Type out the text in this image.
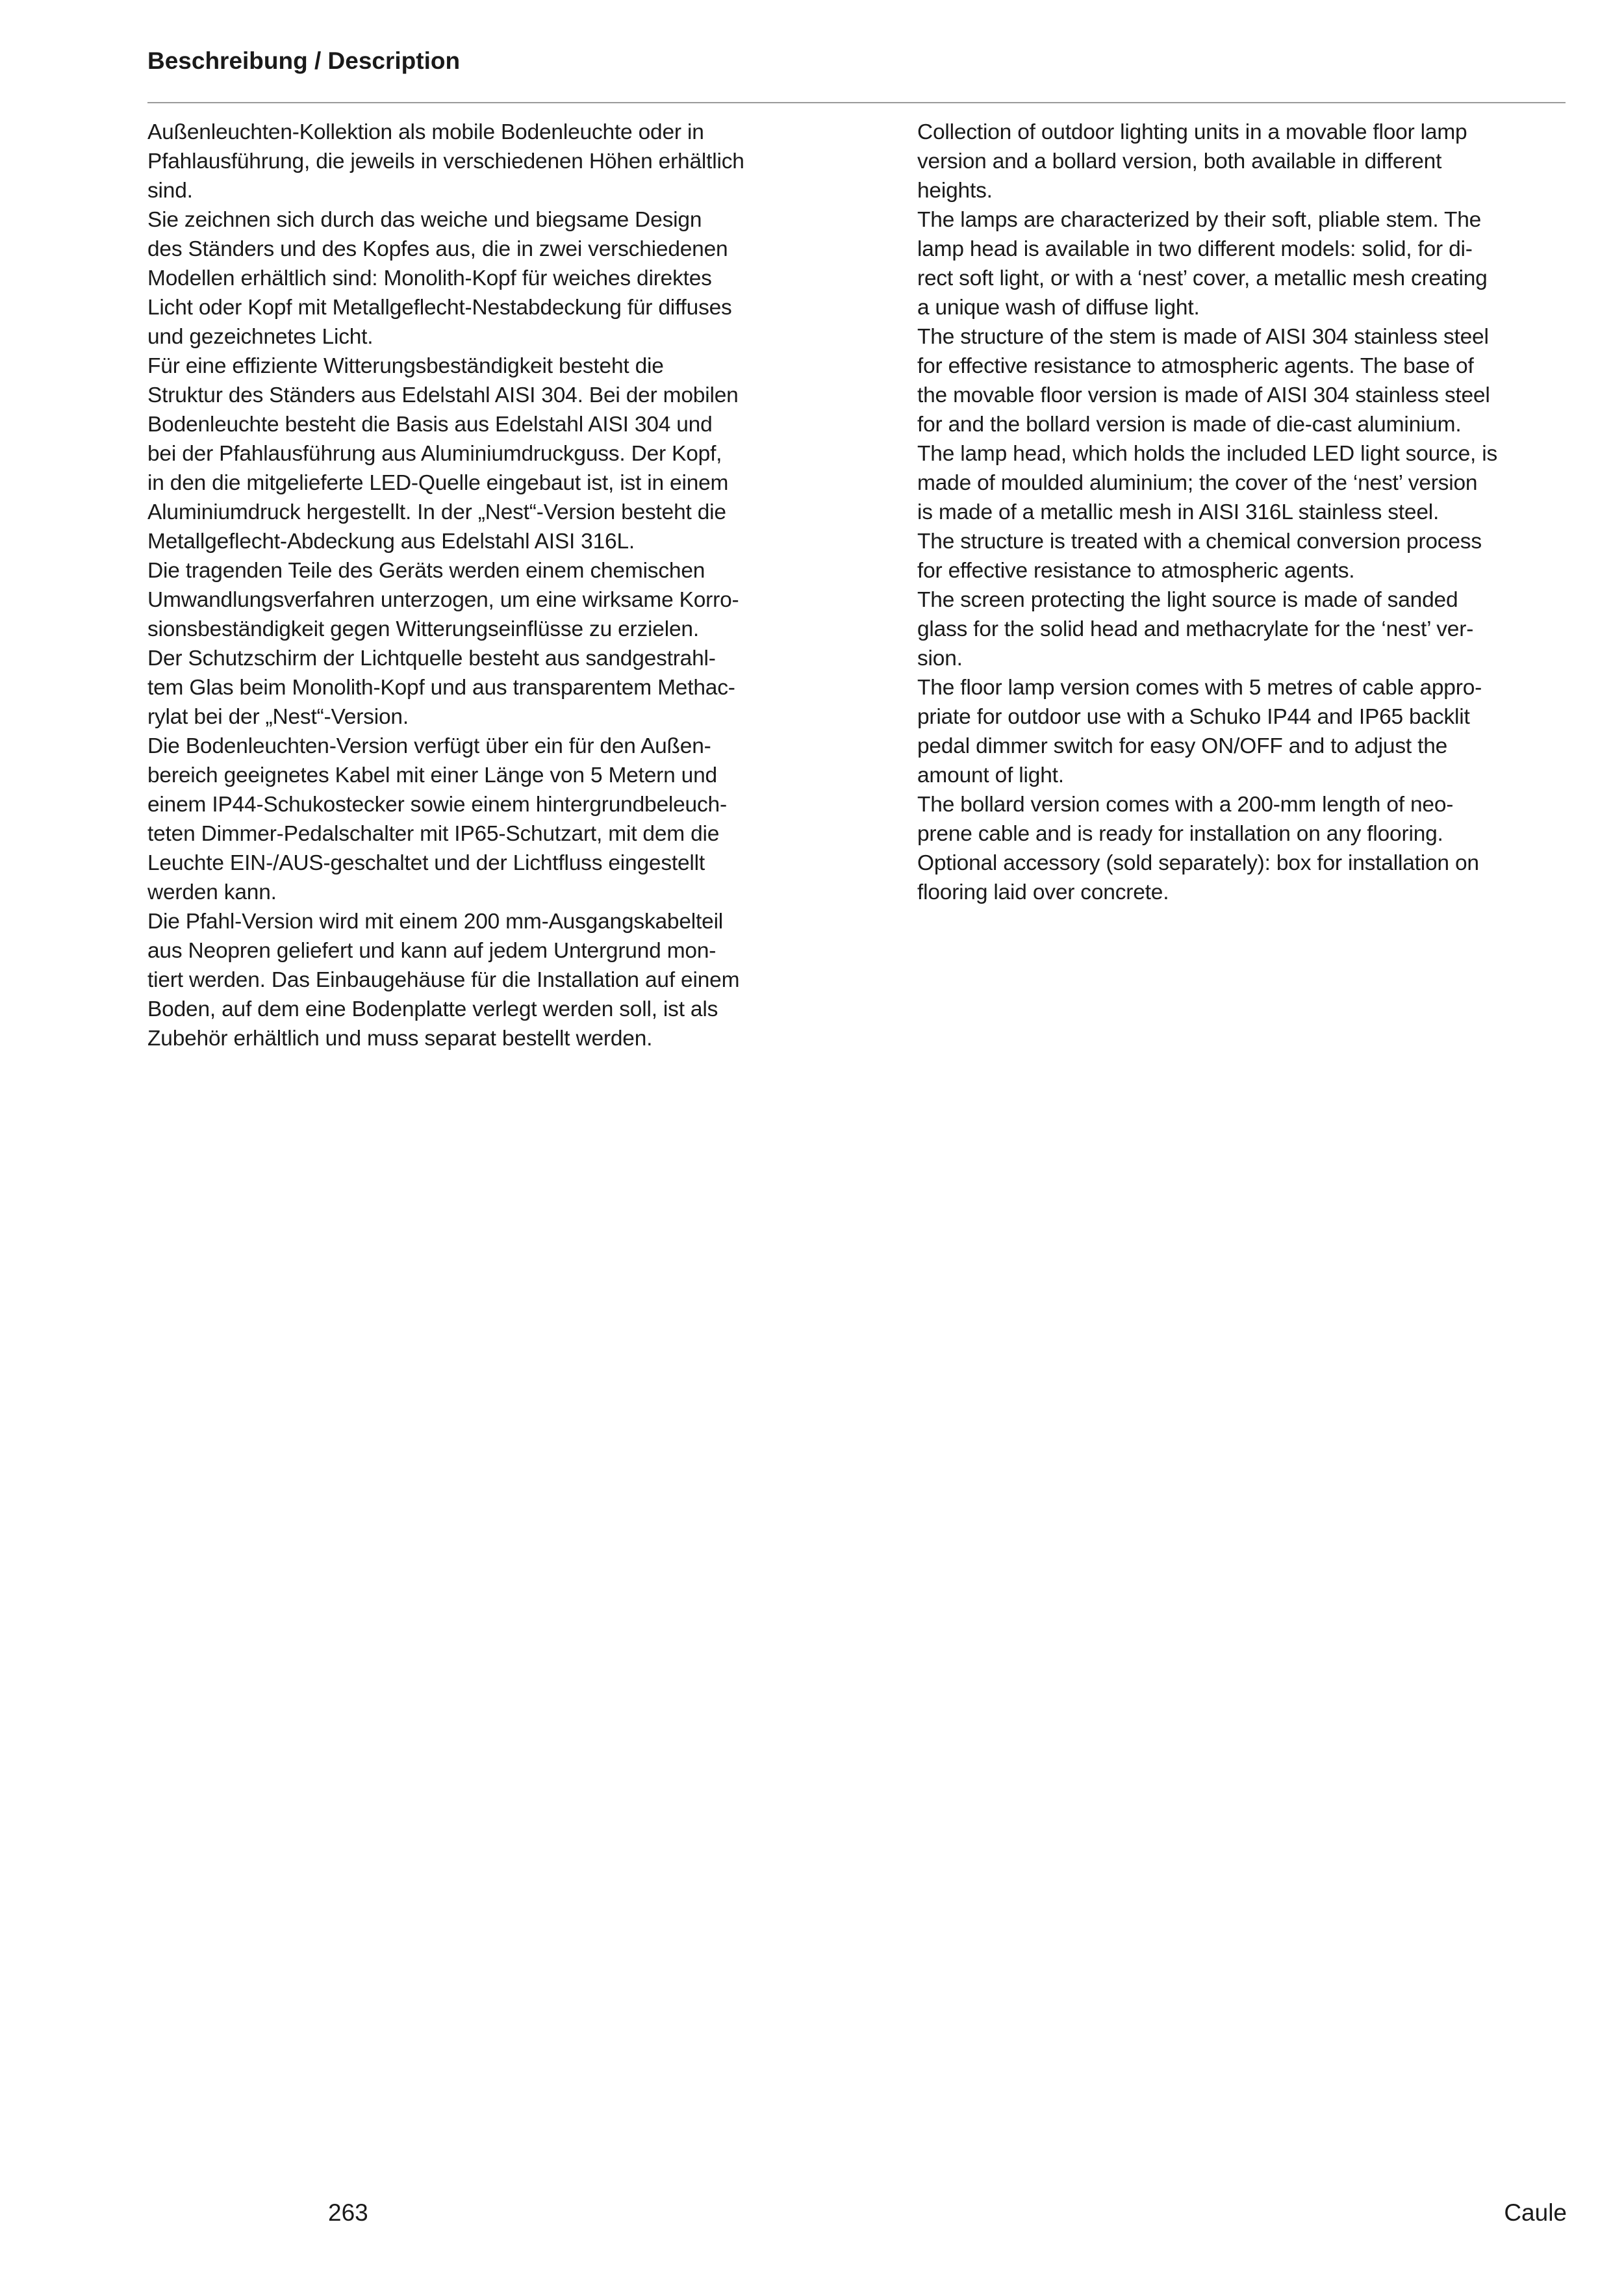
Beschreibung / Description

Außenleuchten-Kollektion als mobile Bodenleuchte oder in
Pfahlausführung, die jeweils in verschiedenen Höhen erhältlich
sind.

Sie zeichnen sich durch das weiche und biegsame Design
des Ständers und des Kopfes aus, die in zwei verschiedenen
Modellen erhältlich sind: Monolith-Kopf für weiches direktes
Licht oder Kopf mit Metallgeflecht-Nestabdeckung für diffuses
und gezeichnetes Licht.

Für eine effiziente Witterungsbeständigkeit besteht die
Struktur des Ständers aus Edelstahl AISI 304. Bei der mobilen
Bodenleuchte besteht die Basis aus Edelstahl AISI 304 und
bei der Pfahlausführung aus Aluminiumdruckguss. Der Kopf,
in den die mitgelieferte LED-Quelle eingebaut ist, ist in einem
Aluminiumdruck hergestellt. In der „Nest“-Version besteht die
Metallgeflecht-Abdeckung aus Edelstahl AISI 316L.

Die tragenden Teile des Geräts werden einem chemischen
Umwandlungsverfahren unterzogen, um eine wirksame Korro-
sionsbeständigkeit gegen Witterungseinflüsse zu erzielen.

Der Schutzschirm der Lichtquelle besteht aus sandgestrahl-
tem Glas beim Monolith-Kopf und aus transparentem Methac-
rylat bei der „Nest“-Version.

Die Bodenleuchten-Version verfügt über ein für den Außen-
bereich geeignetes Kabel mit einer Länge von 5 Metern und
einem IP44-Schukostecker sowie einem hintergrundbeleuch-
teten Dimmer-Pedalschalter mit IP65-Schutzart, mit dem die
Leuchte EIN-/AUS-geschaltet und der Lichtfluss eingestellt
werden kann.

Die Pfahl-Version wird mit einem 200 mm-Ausgangskabelteil
aus Neopren geliefert und kann auf jedem Untergrund mon-
tiert werden. Das Einbaugehäuse für die Installation auf einem
Boden, auf dem eine Bodenplatte verlegt werden soll, ist als
Zubehör erhältlich und muss separat bestellt werden.

Collection of outdoor lighting units in a movable floor lamp
version and a bollard version, both available in different
heights.

The lamps are characterized by their soft, pliable stem. The
lamp head is available in two different models: solid, for di-
rect soft light, or with a ‘nest’ cover, a metallic mesh creating
a unique wash of diffuse light.

The structure of the stem is made of AISI 304 stainless steel
for effective resistance to atmospheric agents. The base of
the movable floor version is made of AISI 304 stainless steel
for and the bollard version is made of die-cast aluminium.

The lamp head, which holds the included LED light source, is
made of moulded aluminium; the cover of the ‘nest’ version
is made of a metallic mesh in AISI 316L stainless steel.

The structure is treated with a chemical conversion process
for effective resistance to atmospheric agents.

The screen protecting the light source is made of sanded
glass for the solid head and methacrylate for the ‘nest’ ver-
sion.

The floor lamp version comes with 5 metres of cable appro-
priate for outdoor use with a Schuko IP44 and IP65 backlit
pedal dimmer switch for easy ON/OFF and to adjust the
amount of light.

The bollard version comes with a 200-mm length of neo-
prene cable and is ready for installation on any flooring.

Optional accessory (sold separately): box for installation on
flooring laid over concrete.

263	Caule
